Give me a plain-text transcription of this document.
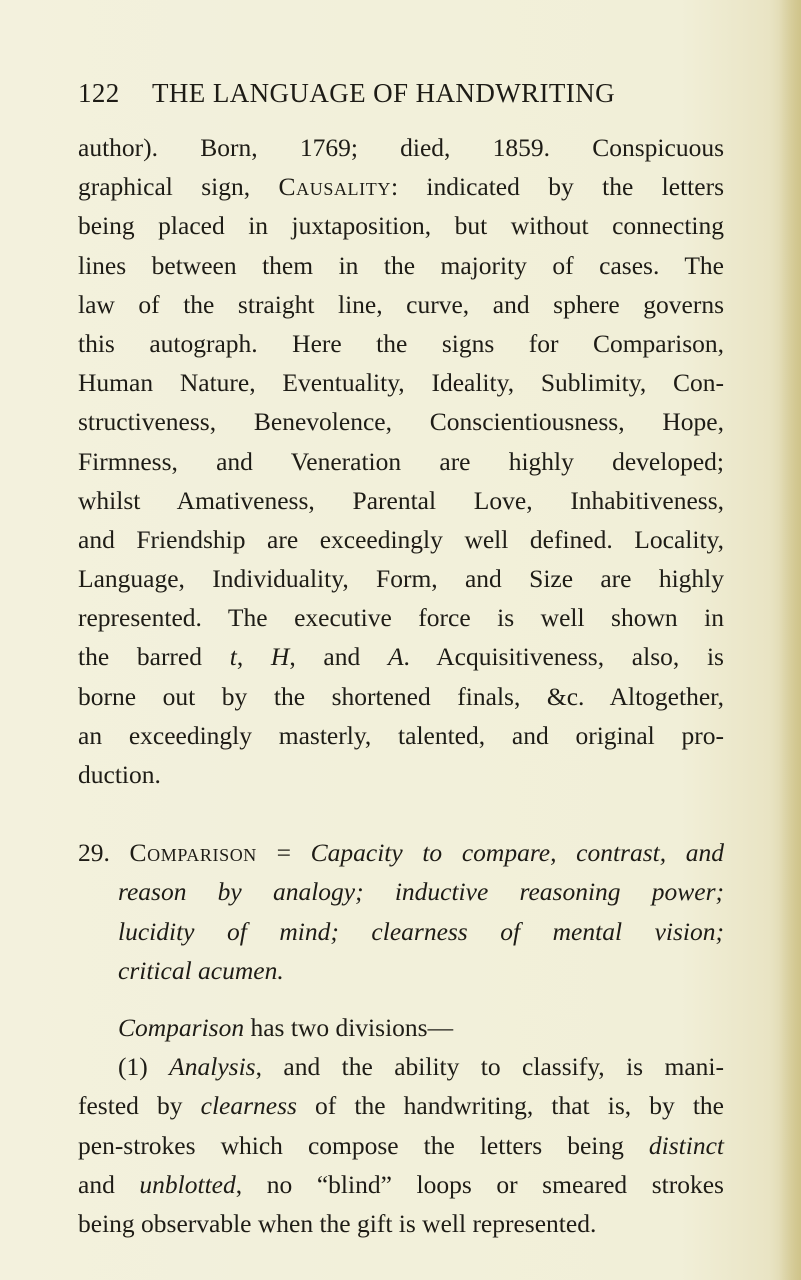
122 THE LANGUAGE OF HANDWRITING
author). Born, 1769; died, 1859. Conspicuous
graphical sign, Causality: indicated by the letters
being placed in juxtaposition, but without connecting
lines between them in the majority of cases. The
law of the straight line, curve, and sphere governs
this autograph. Here the signs for Comparison,
Human Nature, Eventuality, Ideality, Sublimity, Con-
structiveness, Benevolence, Conscientiousness, Hope,
Firmness, and Veneration are highly developed;
whilst Amativeness, Parental Love, Inhabitiveness,
and Friendship are exceedingly well defined. Locality,
Language, Individuality, Form, and Size are highly
represented. The executive force is well shown in
the barred t, H, and A. Acquisitiveness, also, is
borne out by the shortened finals, &c. Altogether,
an exceedingly masterly, talented, and original pro-
duction.
29. Comparison = Capacity to compare, contrast, and
reason by analogy; inductive reasoning power;
lucidity of mind; clearness of mental vision;
critical acumen.
Comparison has two divisions—
(1) Analysis, and the ability to classify, is mani-
fested by clearness of the handwriting, that is, by the
pen-strokes which compose the letters being distinct
and unblotted, no “blind” loops or smeared strokes
being observable when the gift is well represented.
